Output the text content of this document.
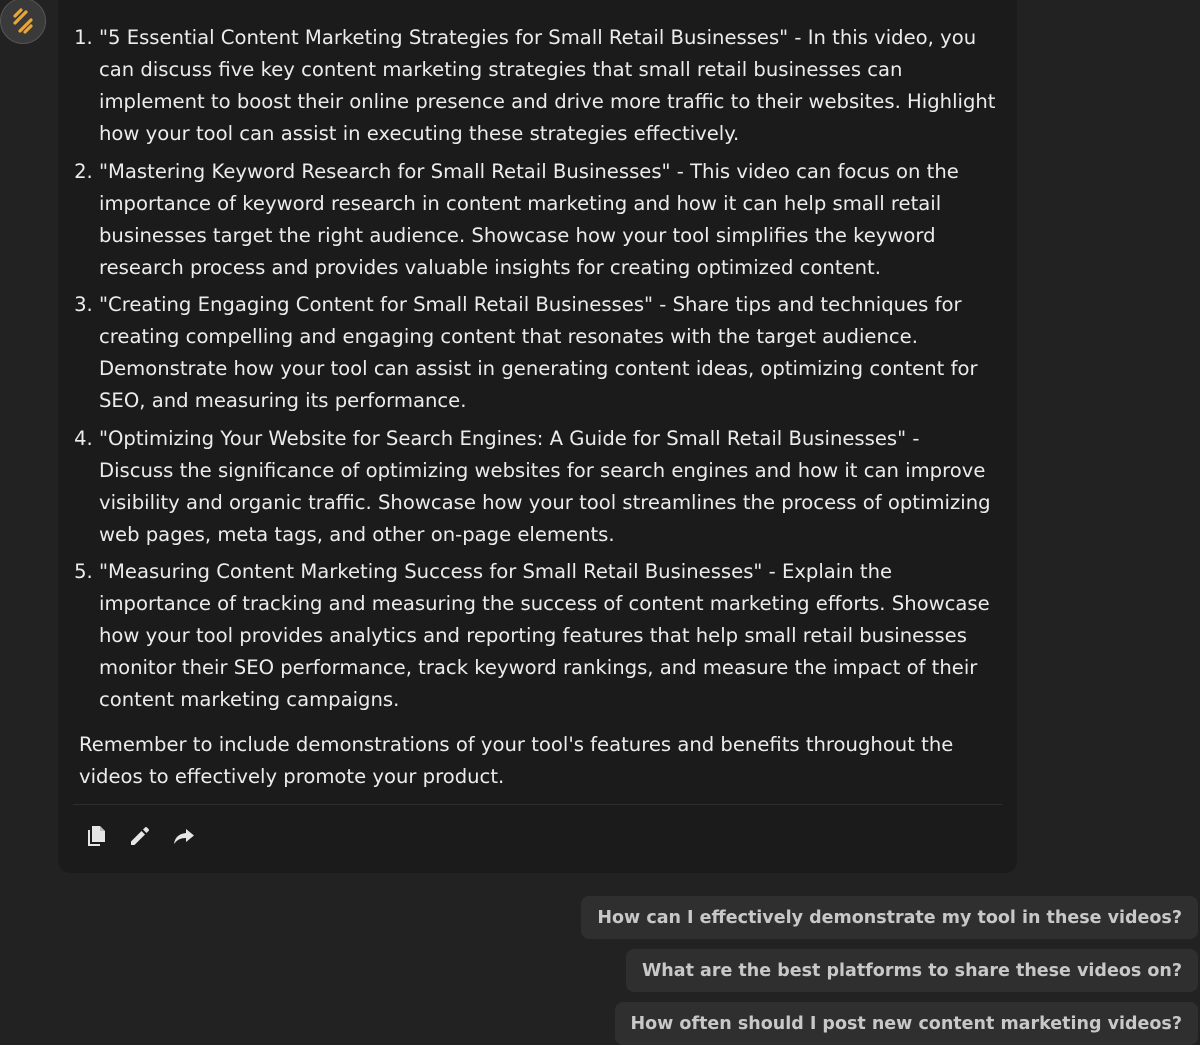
1. "5 Essential Content Marketing Strategies for Small Retail Businesses" - In this video, you can discuss five key content marketing strategies that small retail businesses can implement to boost their online presence and drive more traffic to their websites. Highlight how your tool can assist in executing these strategies effectively.
2. "Mastering Keyword Research for Small Retail Businesses" - This video can focus on the importance of keyword research in content marketing and how it can help small retail businesses target the right audience. Showcase how your tool simplifies the keyword research process and provides valuable insights for creating optimized content.
3. "Creating Engaging Content for Small Retail Businesses" - Share tips and techniques for creating compelling and engaging content that resonates with the target audience. Demonstrate how your tool can assist in generating content ideas, optimizing content for SEO, and measuring its performance.
4. "Optimizing Your Website for Search Engines: A Guide for Small Retail Businesses" - Discuss the significance of optimizing websites for search engines and how it can improve visibility and organic traffic. Showcase how your tool streamlines the process of optimizing web pages, meta tags, and other on-page elements.
5. "Measuring Content Marketing Success for Small Retail Businesses" - Explain the importance of tracking and measuring the success of content marketing efforts. Showcase how your tool provides analytics and reporting features that help small retail businesses monitor their SEO performance, track keyword rankings, and measure the impact of their content marketing campaigns.

Remember to include demonstrations of your tool's features and benefits throughout the videos to effectively promote your product.

How can I effectively demonstrate my tool in these videos?
What are the best platforms to share these videos on?
How often should I post new content marketing videos?
